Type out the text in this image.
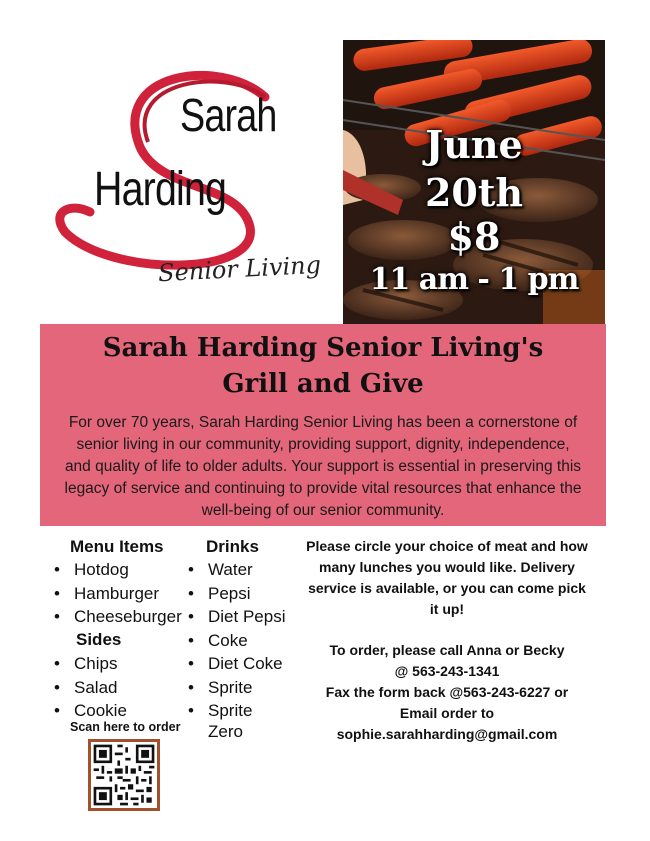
Sarah
Harding
Senior Living
June
20th
$8
11 am - 1 pm
Sarah Harding Senior Living's
Grill and Give
For over 70 years, Sarah Harding Senior Living has been a cornerstone of senior living in our community, providing support, dignity, independence, and quality of life to older adults. Your support is essential in preserving this legacy of service and continuing to provide vital resources that enhance the well-being of our senior community.
Menu Items
• Hotdog
• Hamburger
• Cheeseburger
Sides
• Chips
• Salad
• Cookie
Drinks
• Water
• Pepsi
• Diet Pepsi
• Coke
• Diet Coke
• Sprite
• Sprite
Zero
Please circle your choice of meat and how many lunches you would like. Delivery service is available, or you can come pick it up!
To order, please call Anna or Becky
@ 563-243-1341
Fax the form back @563-243-6227 or
Email order to
sophie.sarahharding@gmail.com
Scan here to order
